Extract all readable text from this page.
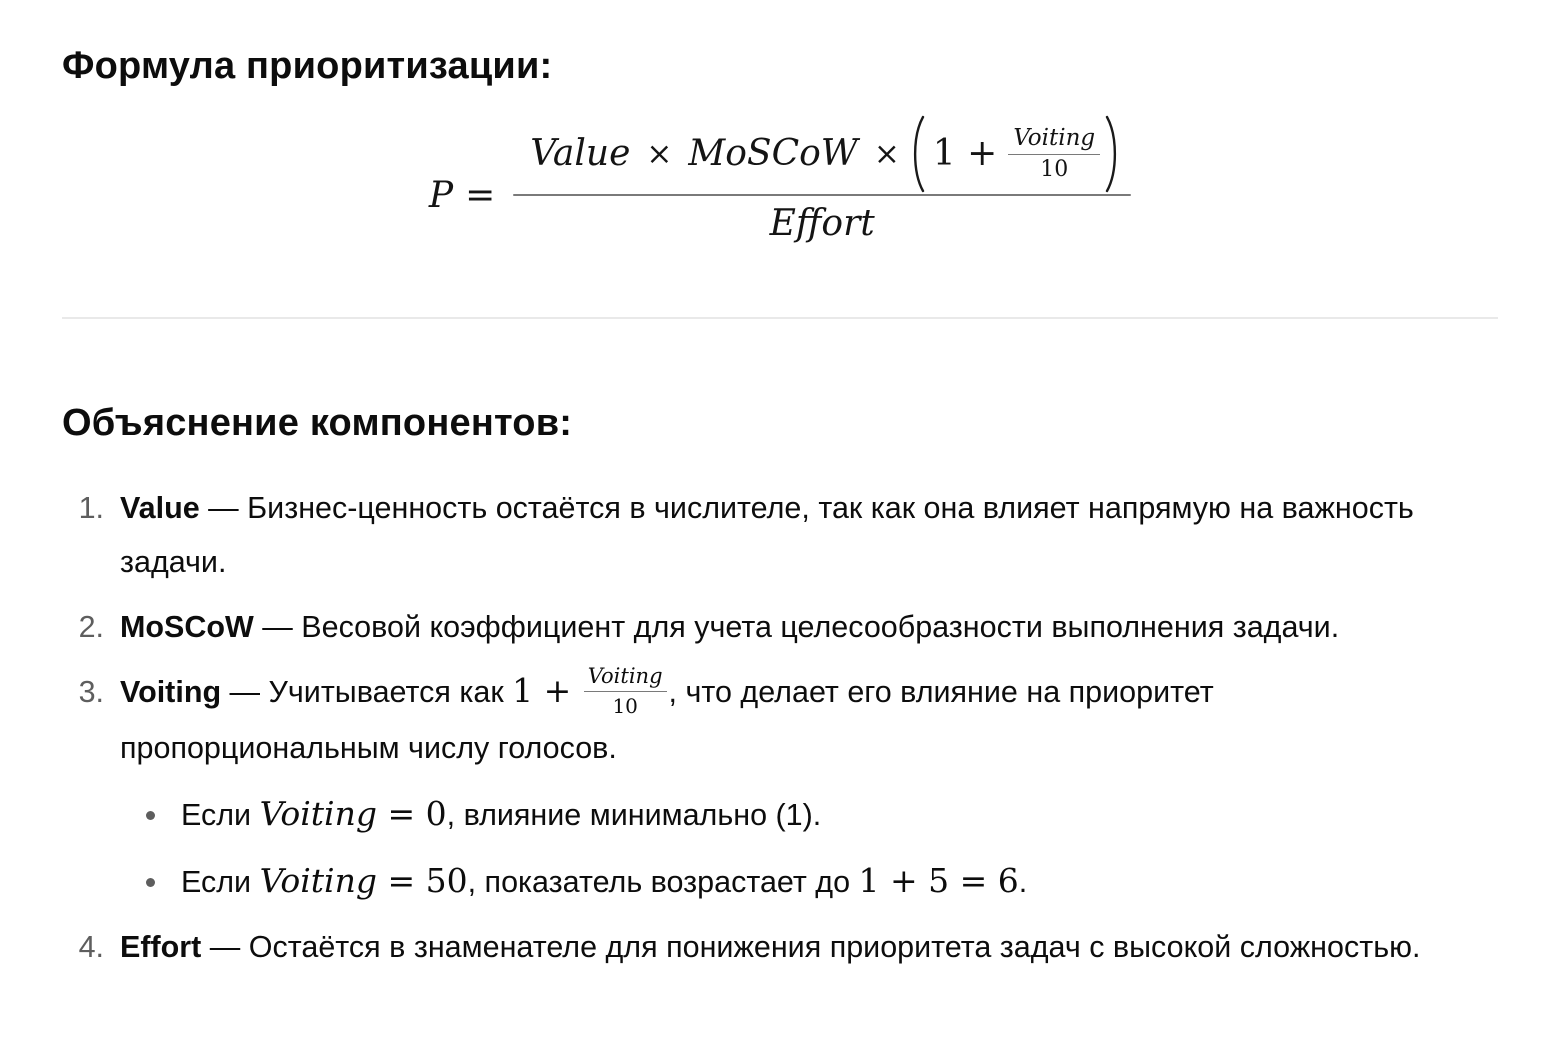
Формула приоритизации:
P =
Value × MoSCoW × $1 + \frac{\text{Voiting}}{10}$
Effort
Объяснение компонентов:
1. Value — Бизнес-ценность остаётся в числителе, так как она влияет напрямую на важность задачи.
2. MoSCoW — Весовой коэффициент для учета целесообразности выполнения задачи.
3. Voiting — Учитывается как $1 + \frac{\text{Voiting}}{10}$ , что делает его влияние на приоритет пропорциональным числу голосов.
Если Voiting = 0, влияние минимально (1).
Если Voiting = 50, показатель возрастает до 1 + 5 = 6.
4. Effort — Остаётся в знаменателе для понижения приоритета задач с высокой сложностью.
